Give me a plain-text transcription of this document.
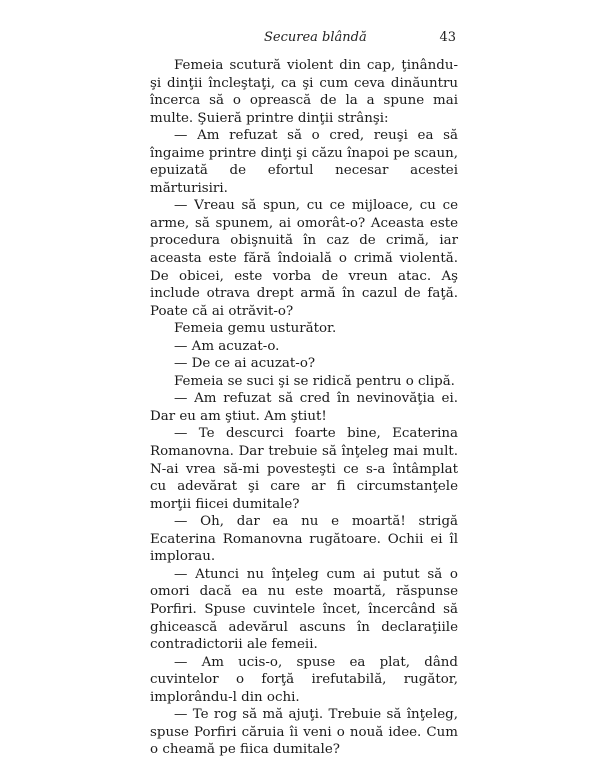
Securea blândă	43

Femeia scutură violent din cap, ţinându-şi dinţii încleştaţi, ca şi cum ceva dinăuntru încerca să o oprească de la a spune mai multe. Şuieră printre dinţii strânşi:

— Am refuzat să o cred, reuşi ea să îngaime printre dinţi şi căzu înapoi pe scaun, epuizată de efortul necesar acestei mărturisiri.

— Vreau să spun, cu ce mijloace, cu ce arme, să spunem, ai omorât-o? Aceasta este procedura obişnuită în caz de crimă, iar aceasta este fără îndoială o crimă violentă. De obicei, este vorba de vreun atac. Aş include otrava drept armă în cazul de faţă. Poate că ai otrăvit-o?

Femeia gemu usturător.

— Am acuzat-o.

— De ce ai acuzat-o?

Femeia se suci şi se ridică pentru o clipă.

— Am refuzat să cred în nevinovăţia ei. Dar eu am ştiut. Am ştiut!

— Te descurci foarte bine, Ecaterina Romanovna. Dar trebuie să înţeleg mai mult. N-ai vrea să-mi povesteşti ce s-a întâmplat cu adevărat şi care ar fi circumstanţele morţii fiicei dumitale?

— Oh, dar ea nu e moartă! strigă Ecaterina Romanovna rugătoare. Ochii ei îl implorau.

— Atunci nu înţeleg cum ai putut să o omori dacă ea nu este moartă, răspunse Porfiri. Spuse cuvintele încet, încercând să ghicească adevărul ascuns în declaraţiile contradictorii ale femeii.

— Am ucis-o, spuse ea plat, dând cuvintelor o forţă irefutabilă, rugător, implorându-l din ochi.

— Te rog să mă ajuţi. Trebuie să înţeleg, spuse Porfiri căruia îi veni o nouă idee. Cum o cheamă pe fiica dumitale?
